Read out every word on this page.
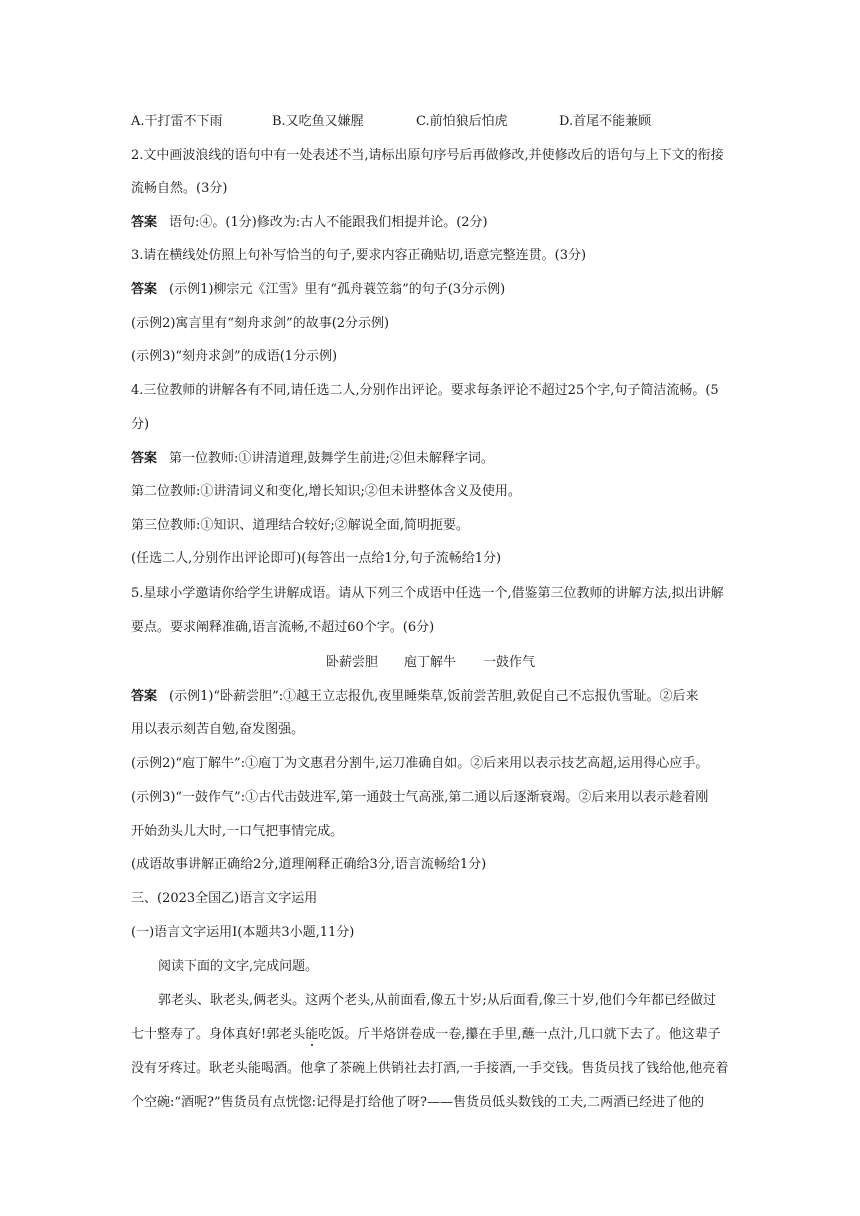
A.干打雷不下雨	B.又吃鱼又嫌腥	C.前怕狼后怕虎	D.首尾不能兼顾
2.文中画波浪线的语句中有一处表述不当,请标出原句序号后再做修改,并使修改后的语句与上下文的衔接
流畅自然。(3分)
答案 语句:④。(1分)修改为:古人不能跟我们相提并论。(2分)
3.请在横线处仿照上句补写恰当的句子,要求内容正确贴切,语意完整连贯。(3分)
答案 (示例1)柳宗元《江雪》里有“孤舟蓑笠翁”的句子(3分示例)
(示例2)寓言里有“刻舟求剑”的故事(2分示例)
(示例3)“刻舟求剑”的成语(1分示例)
4.三位教师的讲解各有不同,请任选二人,分别作出评论。要求每条评论不超过25个字,句子简洁流畅。(5
分)
答案 第一位教师:①讲清道理,鼓舞学生前进;②但未解释字词。
第二位教师:①讲清词义和变化,增长知识;②但未讲整体含义及使用。
第三位教师:①知识、道理结合较好;②解说全面,简明扼要。
(任选二人,分别作出评论即可)(每答出一点给1分,句子流畅给1分)
5.星球小学邀请你给学生讲解成语。请从下列三个成语中任选一个,借鉴第三位教师的讲解方法,拟出讲解
要点。要求阐释准确,语言流畅,不超过60个字。(6分)
卧薪尝胆 庖丁解牛 一鼓作气
答案 (示例1)“卧薪尝胆”:①越王立志报仇,夜里睡柴草,饭前尝苦胆,敦促自己不忘报仇雪耻。②后来
用以表示刻苦自勉,奋发图强。
(示例2)“庖丁解牛”:①庖丁为文惠君分割牛,运刀准确自如。②后来用以表示技艺高超,运用得心应手。
(示例3)“一鼓作气”:①古代击鼓进军,第一通鼓士气高涨,第二通以后逐渐衰竭。②后来用以表示趁着刚
开始劲头儿大时,一口气把事情完成。
(成语故事讲解正确给2分,道理阐释正确给3分,语言流畅给1分)
三、(2023全国乙)语言文字运用
(一)语言文字运用Ⅰ(本题共3小题,11分)
阅读下面的文字,完成问题。
郭老头、耿老头,俩老头。这两个老头,从前面看,像五十岁;从后面看,像三十岁,他们今年都已经做过
七十整寿了。身体真好!郭老头能吃饭。斤半烙饼卷成一卷,攥在手里,蘸一点汁,几口就下去了。他这辈子
没有牙疼过。耿老头能喝酒。他拿了茶碗上供销社去打酒,一手接酒,一手交钱。售货员找了钱给他,他亮着
个空碗:“酒呢?”售货员有点恍惚:记得是打给他了呀?——售货员低头数钱的工夫,二两酒已经进了他的
